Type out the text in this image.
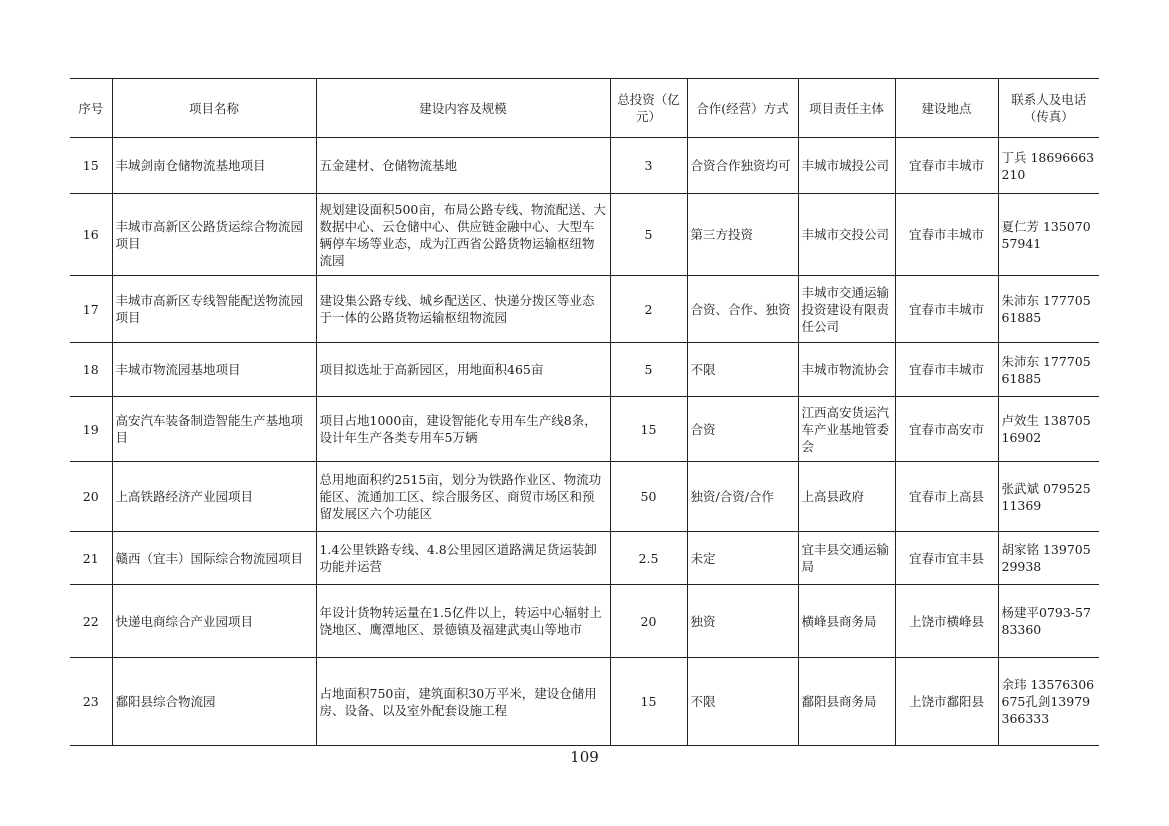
序号	项目名称	建设内容及规模	总投资（亿元）	合作(经营）方式	项目责任主体	建设地点	联系人及电话（传真）
15	丰城剑南仓储物流基地项目	五金建材、仓储物流基地	3	合资合作独资均可	丰城市城投公司	宜春市丰城市	丁兵 18696663210
16	丰城市高新区公路货运综合物流园项目	规划建设面积500亩，布局公路专线、物流配送、大数据中心、云仓储中心、供应链金融中心、大型车辆停车场等业态，成为江西省公路货物运输枢纽物流园	5	第三方投资	丰城市交投公司	宜春市丰城市	夏仁芳 13507057941
17	丰城市高新区专线智能配送物流园项目	建设集公路专线、城乡配送区、快递分拨区等业态于一体的公路货物运输枢纽物流园	2	合资、合作、独资	丰城市交通运输投资建设有限责任公司	宜春市丰城市	朱沛东 17770561885
18	丰城市物流园基地项目	项目拟选址于高新园区，用地面积465亩	5	不限	丰城市物流协会	宜春市丰城市	朱沛东 17770561885
19	高安汽车装备制造智能生产基地项目	项目占地1000亩，建设智能化专用车生产线8条，设计年生产各类专用车5万辆	15	合资	江西高安货运汽车产业基地管委会	宜春市高安市	卢效生 13870516902
20	上高铁路经济产业园项目	总用地面积约2515亩，划分为铁路作业区、物流功能区、流通加工区、综合服务区、商贸市场区和预留发展区六个功能区	50	独资/合资/合作	上高县政府	宜春市上高县	张武斌 07952511369
21	赣西（宜丰）国际综合物流园项目	1.4公里铁路专线、4.8公里园区道路满足货运装卸功能并运营	2.5	未定	宜丰县交通运输局	宜春市宜丰县	胡家铭 13970529938
22	快递电商综合产业园项目	年设计货物转运量在1.5亿件以上，转运中心辐射上饶地区、鹰潭地区、景德镇及福建武夷山等地市	20	独资	横峰县商务局	上饶市横峰县	杨建平0793-5783360
23	鄱阳县综合物流园	占地面积750亩，建筑面积30万平米，建设仓储用房、设备、以及室外配套设施工程	15	不限	鄱阳县商务局	上饶市鄱阳县	余玮 13576306675孔剑13979366333
109
